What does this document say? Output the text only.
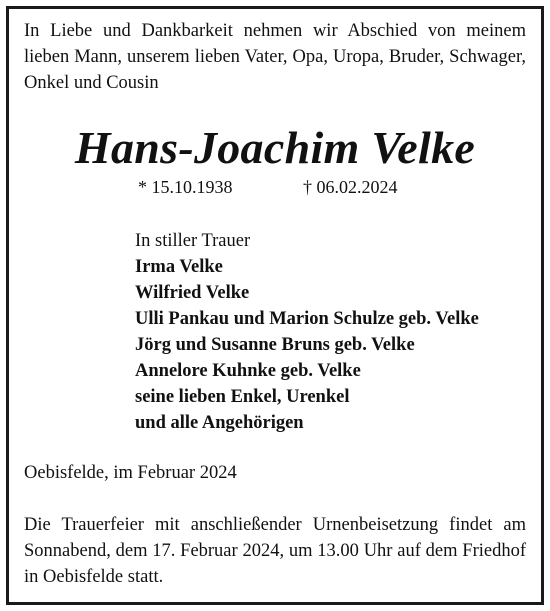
In Liebe und Dankbarkeit nehmen wir Abschied von meinem lieben Mann, unserem lieben Vater, Opa, Uropa, Bruder, Schwager, Onkel und Cousin

Hans-Joachim Velke
* 15.10.1938	† 06.02.2024
In stiller Trauer
Irma Velke
Wilfried Velke
Ulli Pankau und Marion Schulze geb. Velke
Jörg und Susanne Bruns geb. Velke
Annelore Kuhnke geb. Velke
seine lieben Enkel, Urenkel
und alle Angehörigen
Oebisfelde, im Februar 2024

Die Trauerfeier mit anschließender Urnenbeisetzung findet am Sonnabend, dem 17. Februar 2024, um 13.00 Uhr auf dem Friedhof in Oebisfelde statt.
